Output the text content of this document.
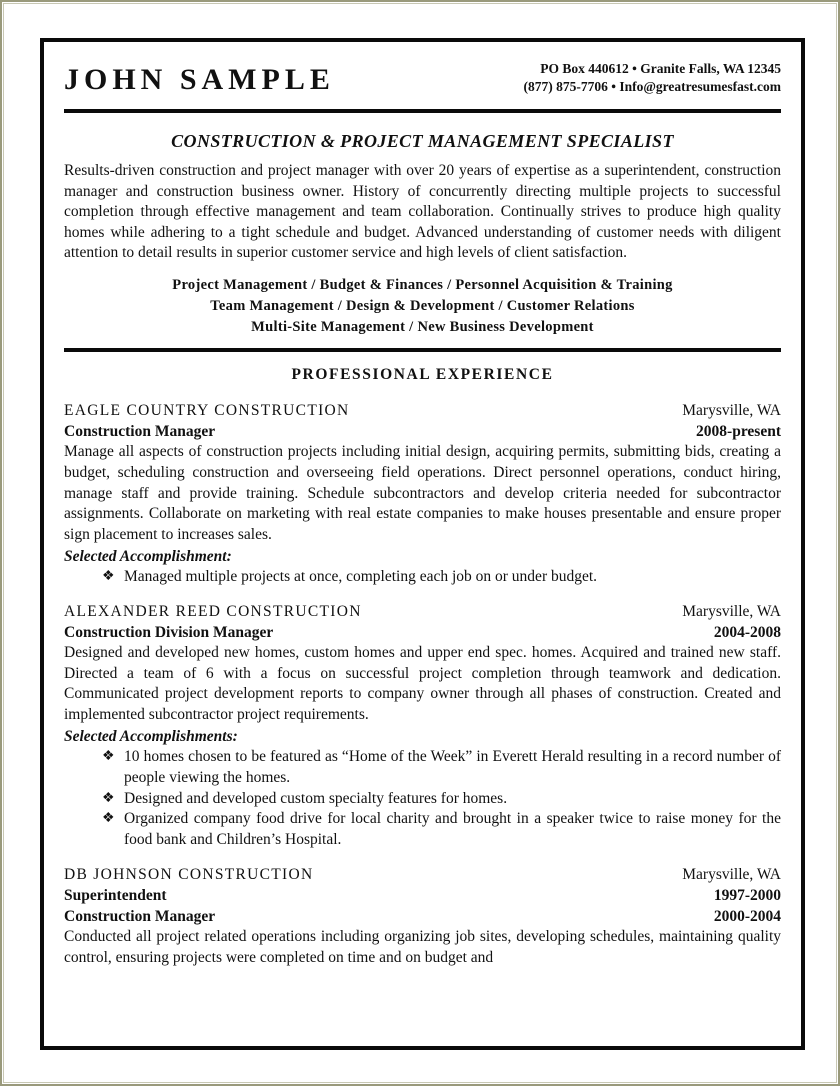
JOHN SAMPLE	PO Box 440612 • Granite Falls, WA 12345
(877) 875-7706 • Info@greatresumesfast.com
CONSTRUCTION & PROJECT MANAGEMENT SPECIALIST

Results-driven construction and project manager with over 20 years of expertise as a superintendent, construction manager and construction business owner. History of concurrently directing multiple projects to successful completion through effective management and team collaboration. Continually strives to produce high quality homes while adhering to a tight schedule and budget. Advanced understanding of customer needs with diligent attention to detail results in superior customer service and high levels of client satisfaction.

Project Management / Budget & Finances / Personnel Acquisition & Training
Team Management / Design & Development / Customer Relations
Multi-Site Management / New Business Development
PROFESSIONAL EXPERIENCE
EAGLE COUNTRY CONSTRUCTION	Marysville, WA
Construction Manager	2008-present

Manage all aspects of construction projects including initial design, acquiring permits, submitting bids, creating a budget, scheduling construction and overseeing field operations. Direct personnel operations, conduct hiring, manage staff and provide training. Schedule subcontractors and develop criteria needed for subcontractor assignments. Collaborate on marketing with real estate companies to make houses presentable and ensure proper sign placement to increases sales.

Selected Accomplishment:
❖ Managed multiple projects at once, completing each job on or under budget.
ALEXANDER REED CONSTRUCTION	Marysville, WA
Construction Division Manager	2004-2008

Designed and developed new homes, custom homes and upper end spec. homes. Acquired and trained new staff. Directed a team of 6 with a focus on successful project completion through teamwork and dedication. Communicated project development reports to company owner through all phases of construction. Created and implemented subcontractor project requirements.

Selected Accomplishments:
❖ 10 homes chosen to be featured as “Home of the Week” in Everett Herald resulting in a record number of people viewing the homes.
❖ Designed and developed custom specialty features for homes.
❖ Organized company food drive for local charity and brought in a speaker twice to raise money for the food bank and Children’s Hospital.
DB JOHNSON CONSTRUCTION	Marysville, WA
Superintendent	1997-2000
Construction Manager	2000-2004

Conducted all project related operations including organizing job sites, developing schedules, maintaining quality control, ensuring projects were completed on time and on budget and
